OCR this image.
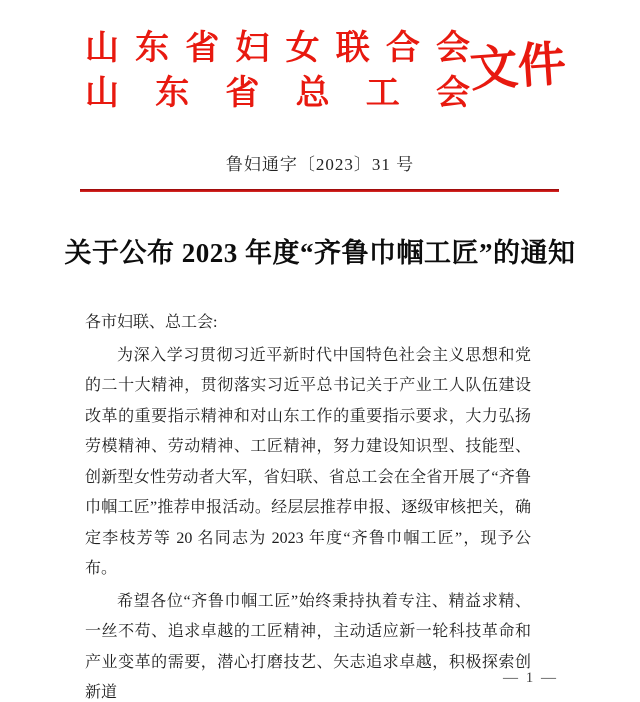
山 东 省 妇 女 联 合 会
山 东 省 总 工 会
文件
鲁妇通字〔2023〕31 号
关于公布 2023 年度“齐鲁巾帼工匠”的通知
各市妇联、总工会:

为深入学习贯彻习近平新时代中国特色社会主义思想和党的二十大精神，贯彻落实习近平总书记关于产业工人队伍建设改革的重要指示精神和对山东工作的重要指示要求，大力弘扬劳模精神、劳动精神、工匠精神，努力建设知识型、技能型、创新型女性劳动者大军，省妇联、省总工会在全省开展了“齐鲁巾帼工匠”推荐申报活动。经层层推荐申报、逐级审核把关，确定李枝芳等 20 名同志为 2023 年度“齐鲁巾帼工匠”，现予公布。

希望各位“齐鲁巾帼工匠”始终秉持执着专注、精益求精、一丝不苟、追求卓越的工匠精神，主动适应新一轮科技革命和产业变革的需要，潜心打磨技艺、矢志追求卓越，积极探索创新道

— 1 —
